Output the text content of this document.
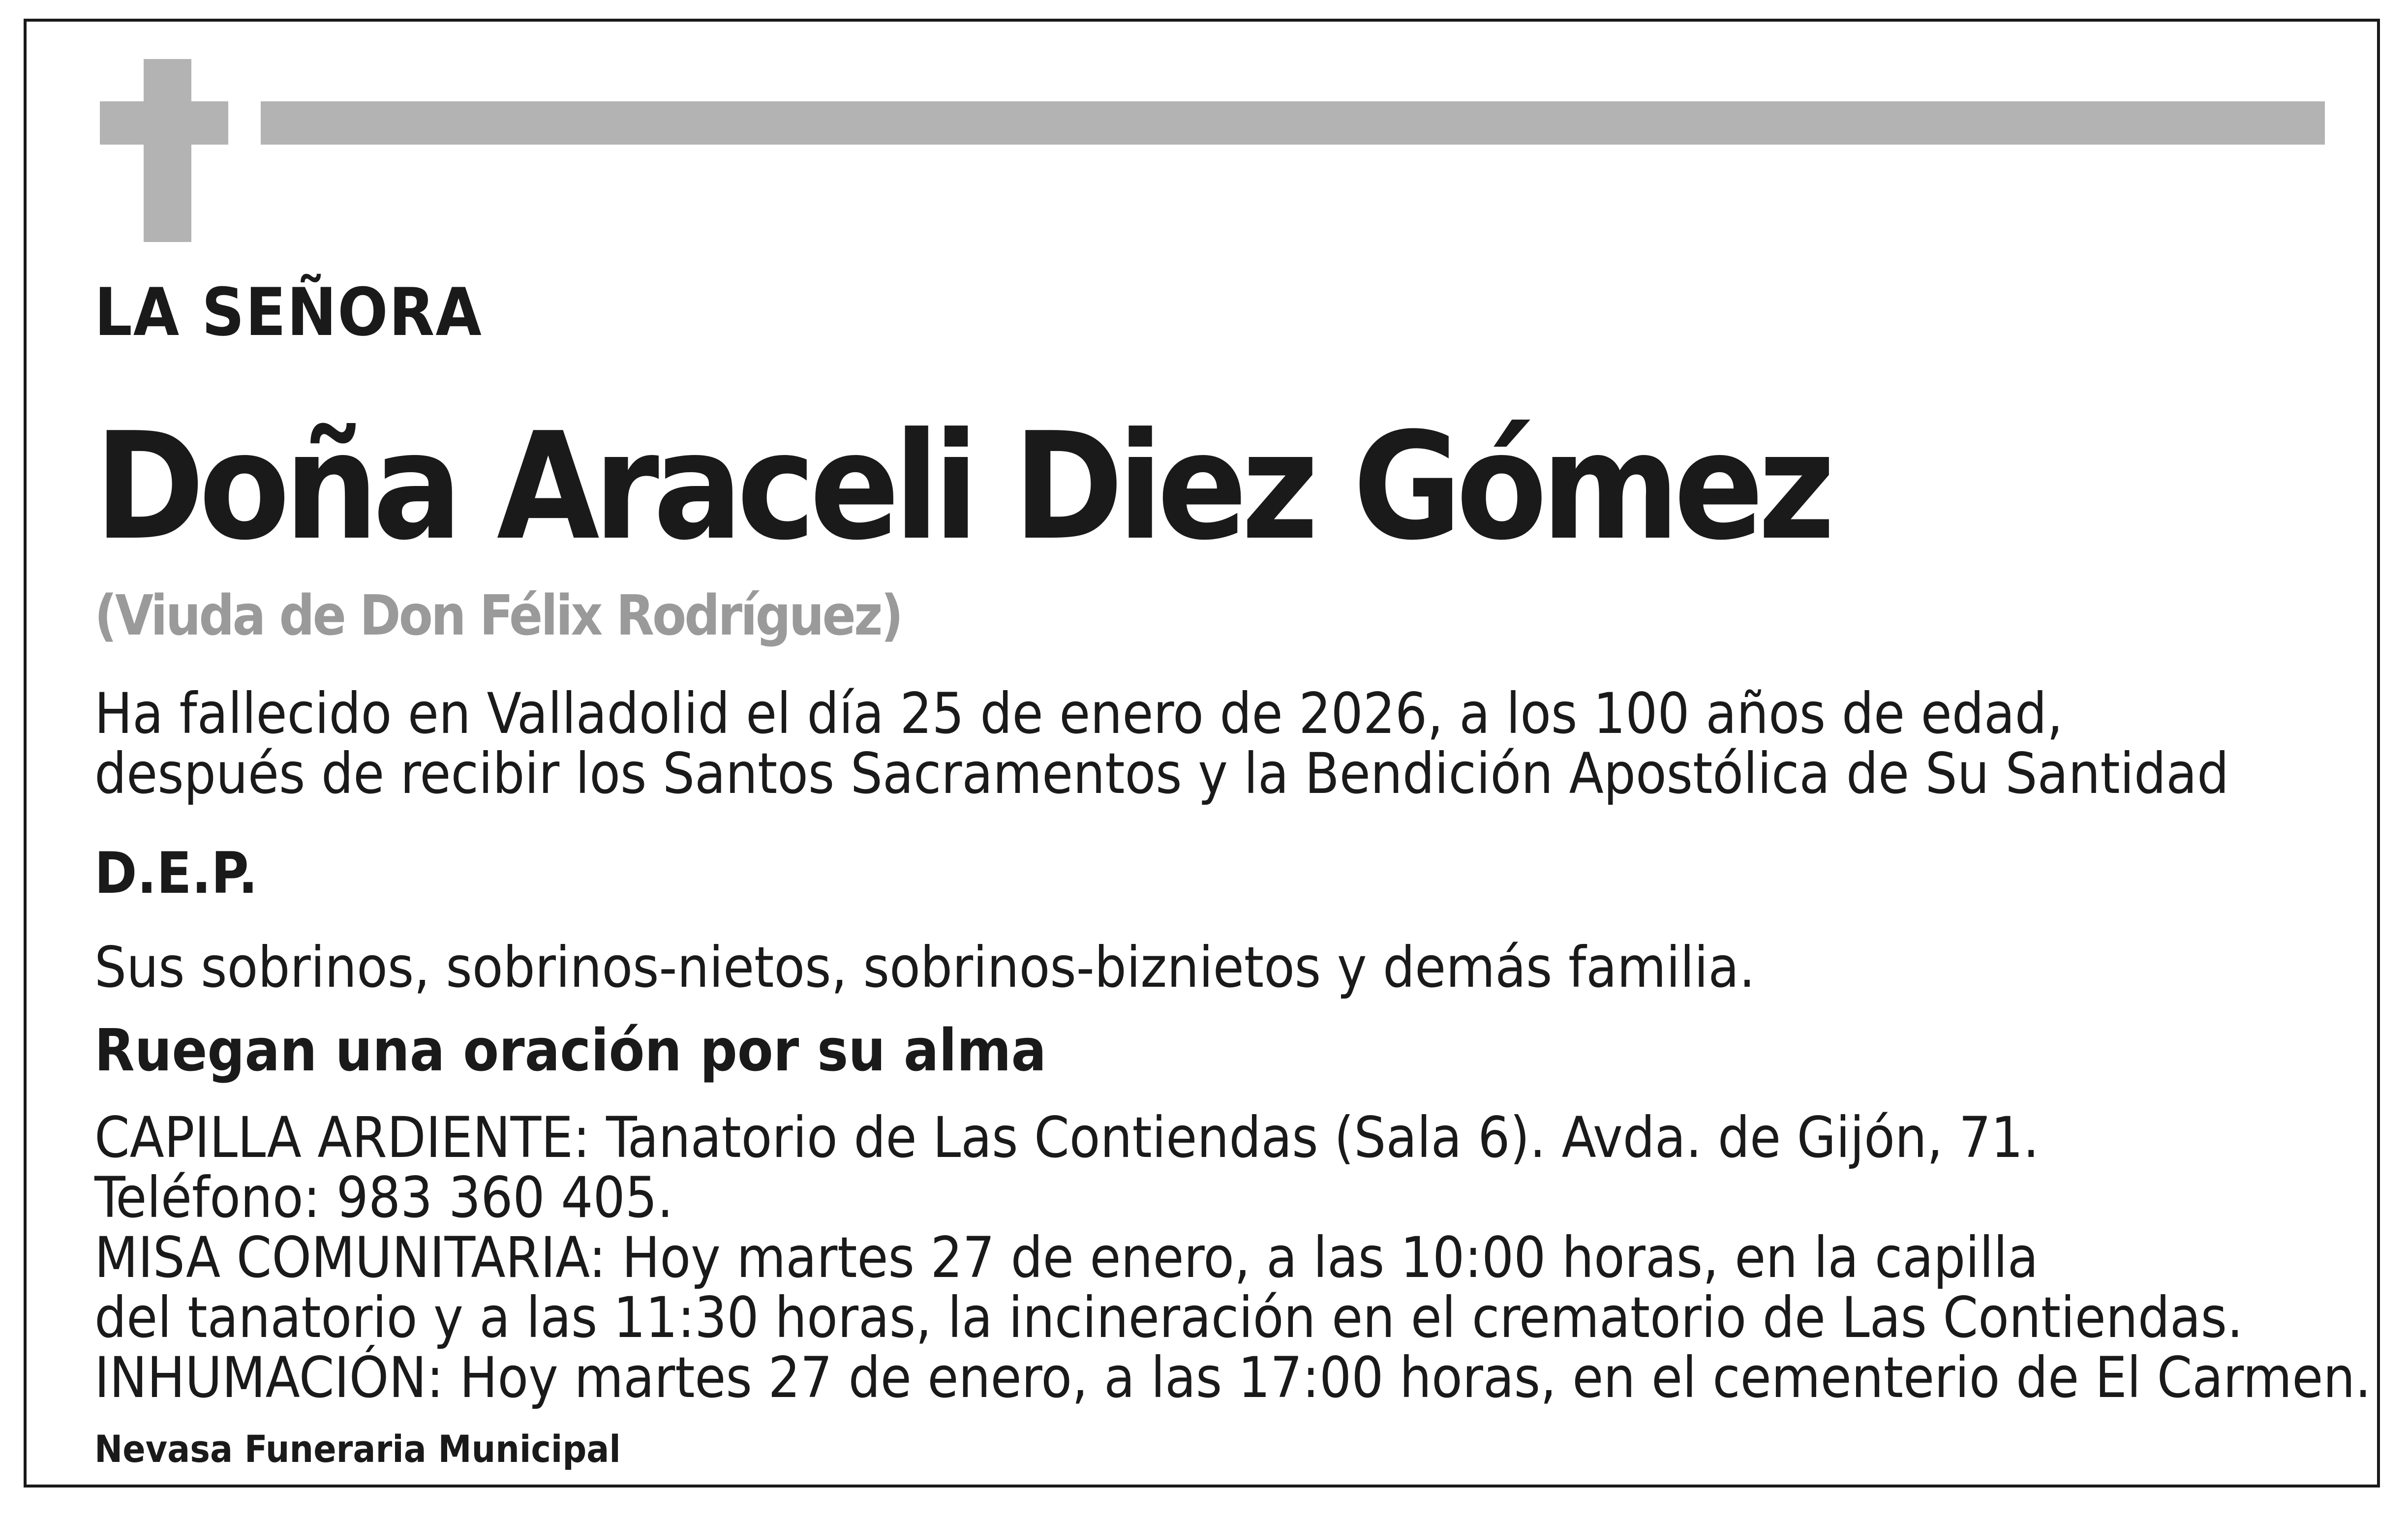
LA SEÑORA

Doña Araceli Diez Gómez

(Viuda de Don Félix Rodríguez)

Ha fallecido en Valladolid el día 25 de enero de 2026, a los 100 años de edad,

después de recibir los Santos Sacramentos y la Bendición Apostólica de Su Santidad

D.E.P.

Sus sobrinos, sobrinos-nietos, sobrinos-biznietos y demás familia.

Ruegan una oración por su alma

CAPILLA ARDIENTE: Tanatorio de Las Contiendas (Sala 6). Avda. de Gijón, 71.

Teléfono: 983 360 405.

MISA COMUNITARIA: Hoy martes 27 de enero, a las 10:00 horas, en la capilla

del tanatorio y a las 11:30 horas, la incineración en el crematorio de Las Contiendas.

INHUMACIÓN: Hoy martes 27 de enero, a las 17:00 horas, en el cementerio de El Carmen.

Nevasa Funeraria Municipal
